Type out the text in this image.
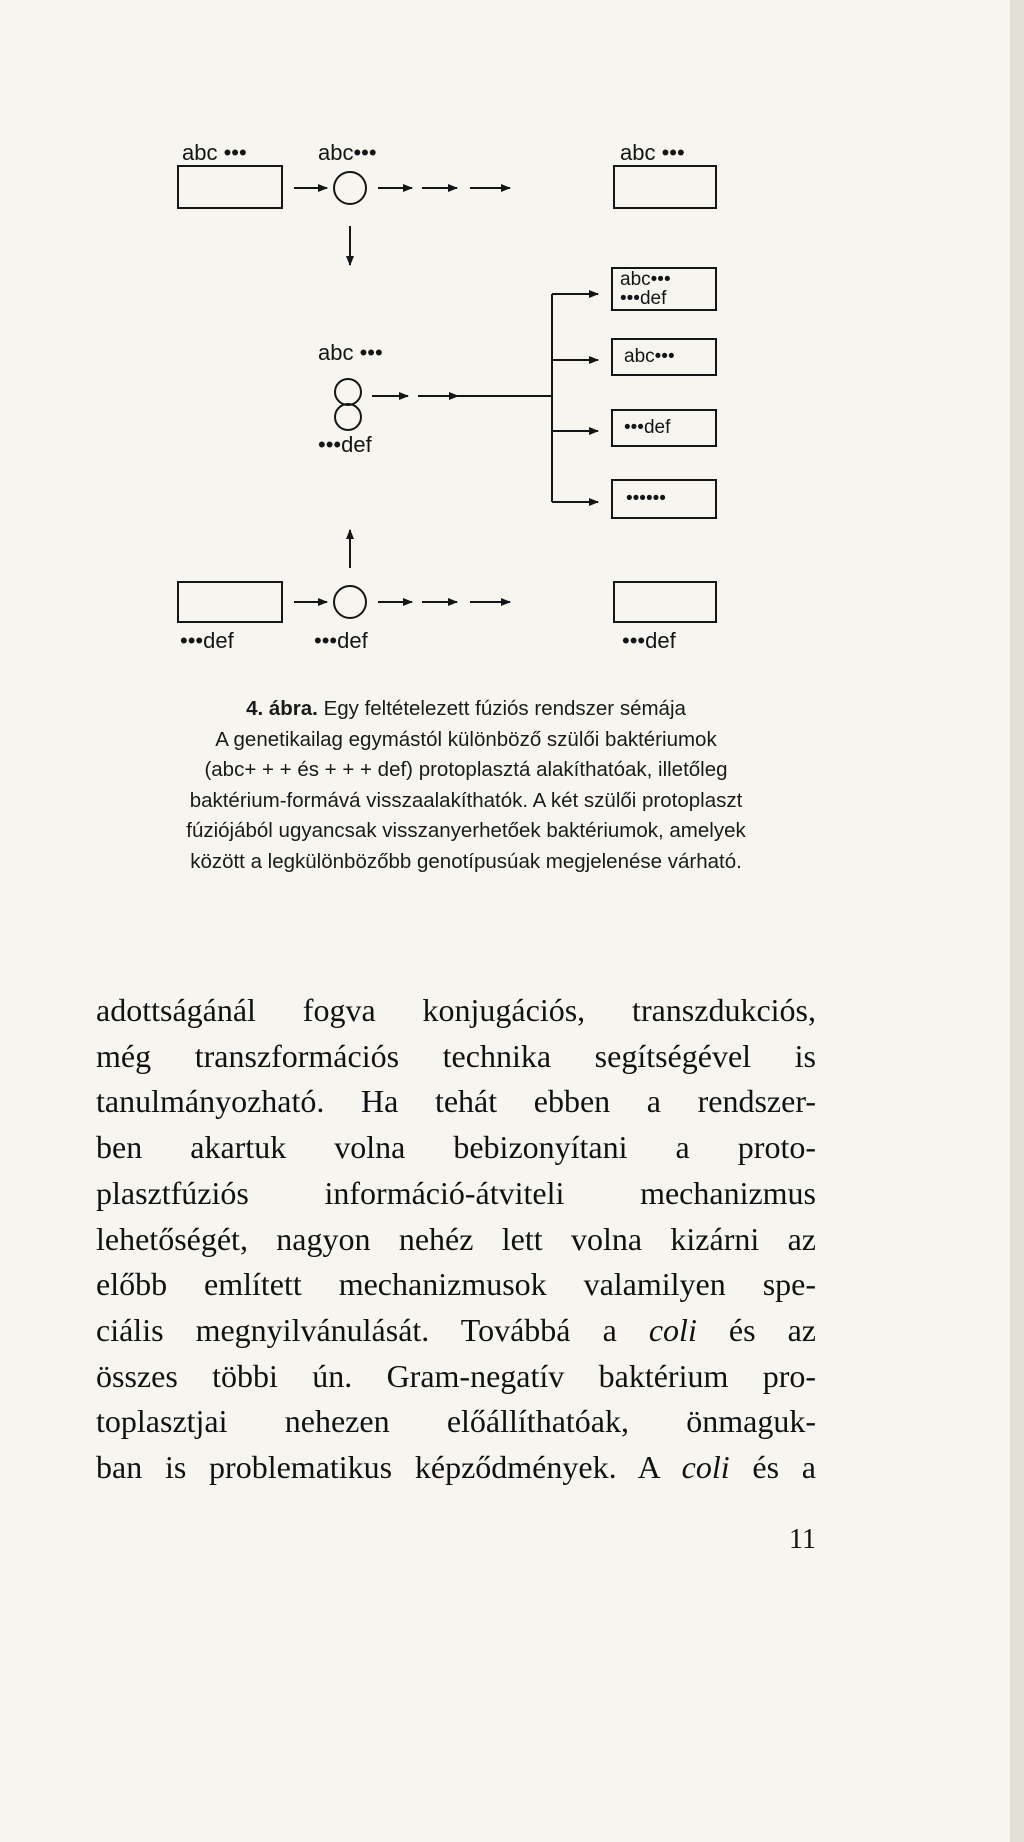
abc •••	abc•••	abc •••
abc •••
•••def
abc•••
•••def
abc•••
•••def
••••••
•••def	•••def	•••def
4. ábra. Egy feltételezett fúziós rendszer sémája
A genetikailag egymástól különböző szülői baktériumok
(abc+ + + és + + + def) protoplasztá alakíthatóak, illetőleg
baktérium-formává visszaalakíthatók. A két szülői protoplaszt
fúziójából ugyancsak visszanyerhetőek baktériumok, amelyek
között a legkülönbözőbb genotípusúak megjelenése várható.
adottságánál fogva konjugációs, transzdukciós,
még transzformációs technika segítségével is
tanulmányozható. Ha tehát ebben a rendszer-
ben akartuk volna bebizonyítani a proto-
plasztfúziós információ-átviteli mechanizmus
lehetőségét, nagyon nehéz lett volna kizárni az
előbb említett mechanizmusok valamilyen spe-
ciális megnyilvánulását. Továbbá a coli és az
összes többi ún. Gram-negatív baktérium pro-
toplasztjai nehezen előállíthatóak, önmaguk-
ban is problematikus képződmények. A coli és a
11
